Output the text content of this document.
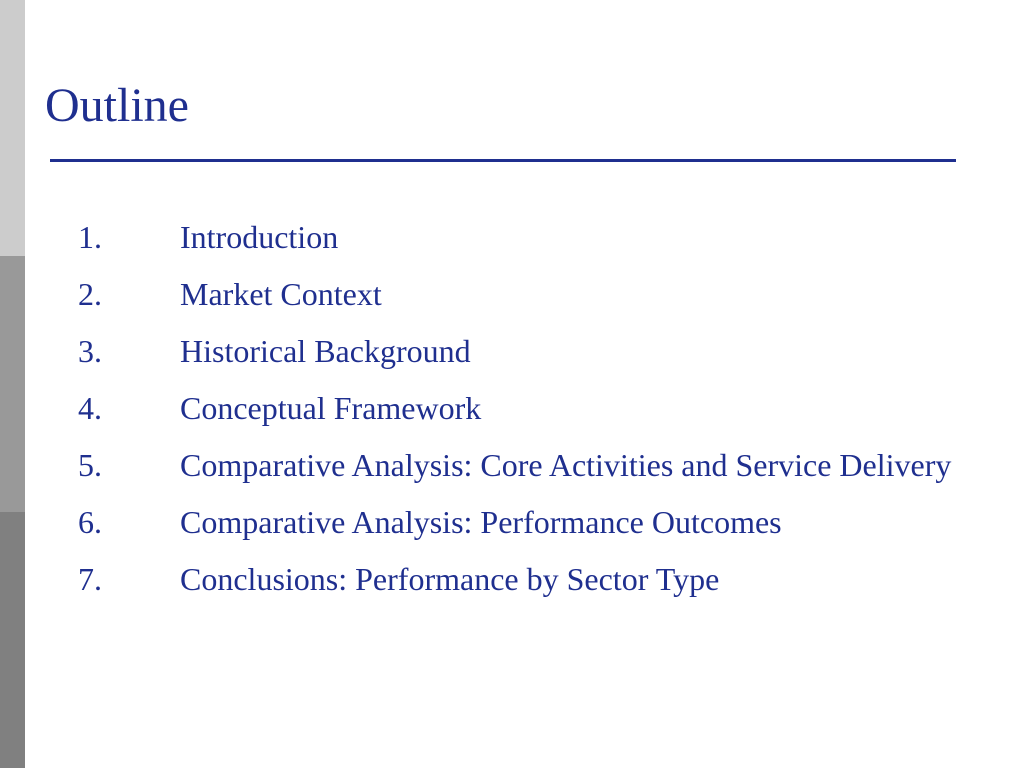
Outline
1.	Introduction
2.	Market Context
3.	Historical Background
4.	Conceptual Framework
5.	Comparative Analysis: Core Activities and Service Delivery
6.	Comparative Analysis: Performance Outcomes
7.	Conclusions: Performance by Sector Type
